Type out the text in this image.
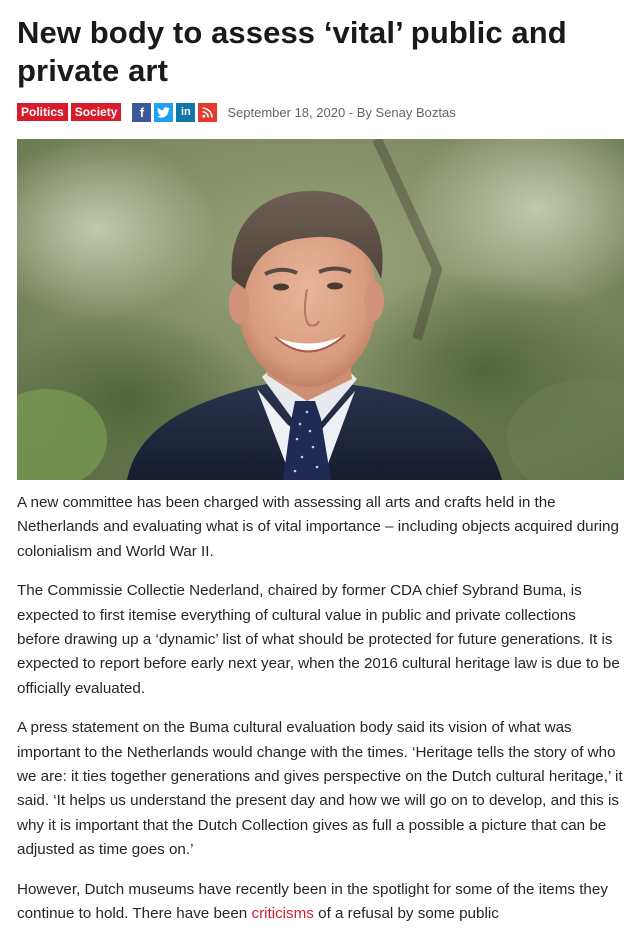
New body to assess ‘vital’ public and private art
Politics Society	f	in	September 18, 2020 - By Senay Boztas

A new committee has been charged with assessing all arts and crafts held in the Netherlands and evaluating what is of vital importance – including objects acquired during colonialism and World War II.

The Commissie Collectie Nederland, chaired by former CDA chief Sybrand Buma, is expected to first itemise everything of cultural value in public and private collections before drawing up a ‘dynamic’ list of what should be protected for future generations. It is expected to report before early next year, when the 2016 cultural heritage law is due to be officially evaluated.

A press statement on the Buma cultural evaluation body said its vision of what was important to the Netherlands would change with the times. ‘Heritage tells the story of who we are: it ties together generations and gives perspective on the Dutch cultural heritage,’ it said. ‘It helps us understand the present day and how we will go on to develop, and this is why it is important that the Dutch Collection gives as full a possible a picture that can be adjusted as time goes on.’

However, Dutch museums have recently been in the spotlight for some of the items they continue to hold. There have been criticisms of a refusal by some public
